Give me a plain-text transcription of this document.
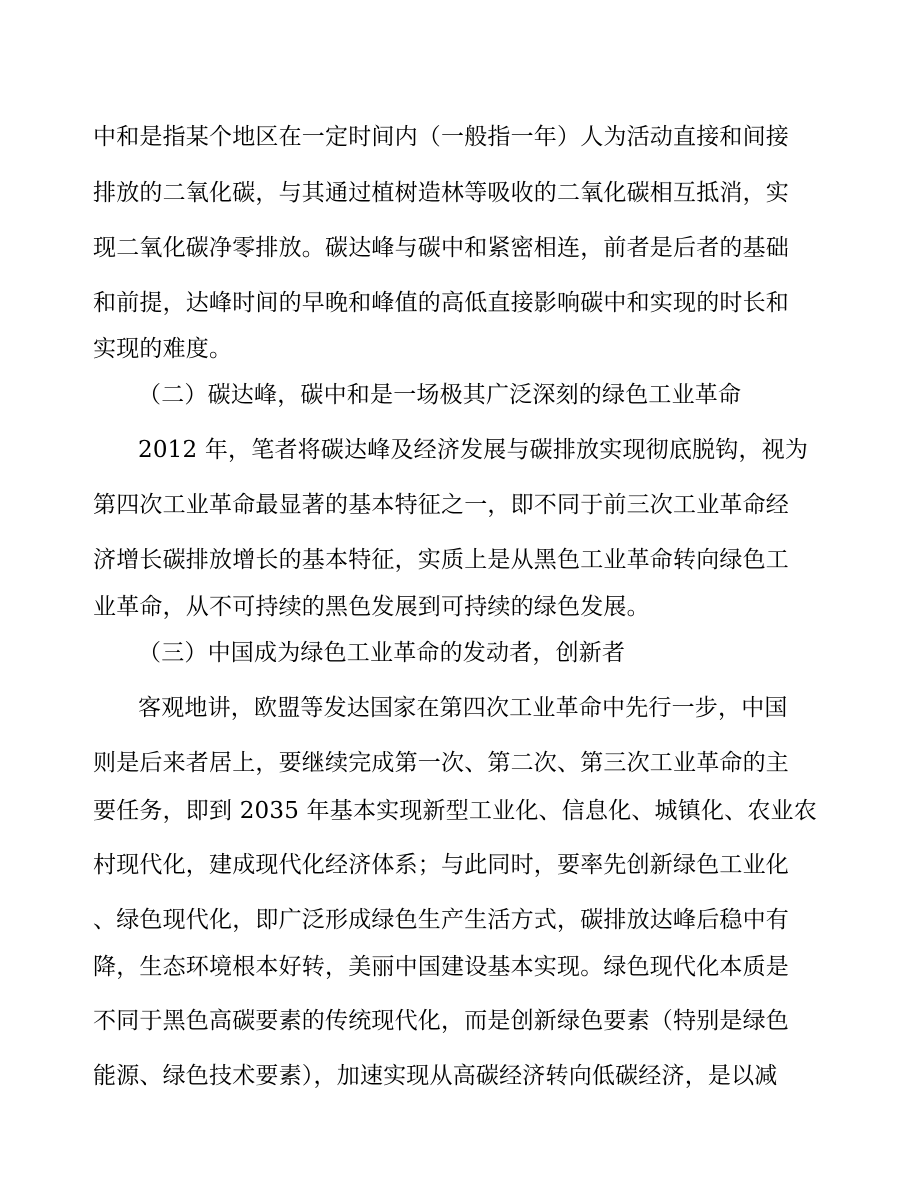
中和是指某个地区在一定时间内（一般指一年）人为活动直接和间接
排放的二氧化碳，与其通过植树造林等吸收的二氧化碳相互抵消，实
现二氧化碳净零排放。碳达峰与碳中和紧密相连，前者是后者的基础
和前提，达峰时间的早晚和峰值的高低直接影响碳中和实现的时长和
实现的难度。
（二）碳达峰，碳中和是一场极其广泛深刻的绿色工业革命
2012 年，笔者将碳达峰及经济发展与碳排放实现彻底脱钩，视为
第四次工业革命最显著的基本特征之一，即不同于前三次工业革命经
济增长碳排放增长的基本特征，实质上是从黑色工业革命转向绿色工
业革命，从不可持续的黑色发展到可持续的绿色发展。
（三）中国成为绿色工业革命的发动者，创新者
客观地讲，欧盟等发达国家在第四次工业革命中先行一步，中国
则是后来者居上，要继续完成第一次、第二次、第三次工业革命的主
要任务，即到 2035 年基本实现新型工业化、信息化、城镇化、农业农
村现代化，建成现代化经济体系；与此同时，要率先创新绿色工业化
、绿色现代化，即广泛形成绿色生产生活方式，碳排放达峰后稳中有
降，生态环境根本好转，美丽中国建设基本实现。绿色现代化本质是
不同于黑色高碳要素的传统现代化，而是创新绿色要素（特别是绿色
能源、绿色技术要素），加速实现从高碳经济转向低碳经济，是以减
